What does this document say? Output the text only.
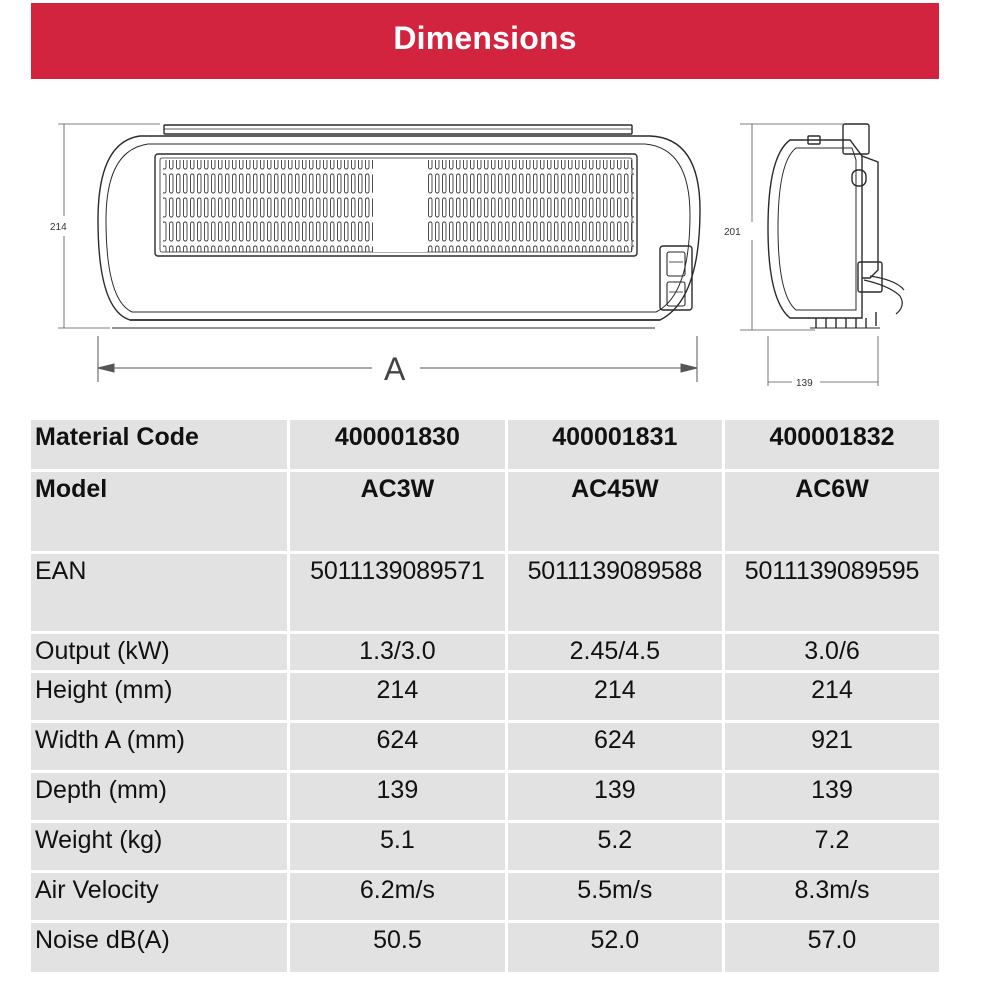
Dimensions
214
A
201
139
Material Code	400001830	400001831	400001832
Model	AC3W	AC45W	AC6W
EAN	5011139089571	5011139089588	5011139089595
Output (kW)	1.3/3.0	2.45/4.5	3.0/6
Height (mm)	214	214	214
Width A (mm)	624	624	921
Depth (mm)	139	139	139
Weight (kg)	5.1	5.2	7.2
Air Velocity	6.2m/s	5.5m/s	8.3m/s
Noise dB(A)	50.5	52.0	57.0
